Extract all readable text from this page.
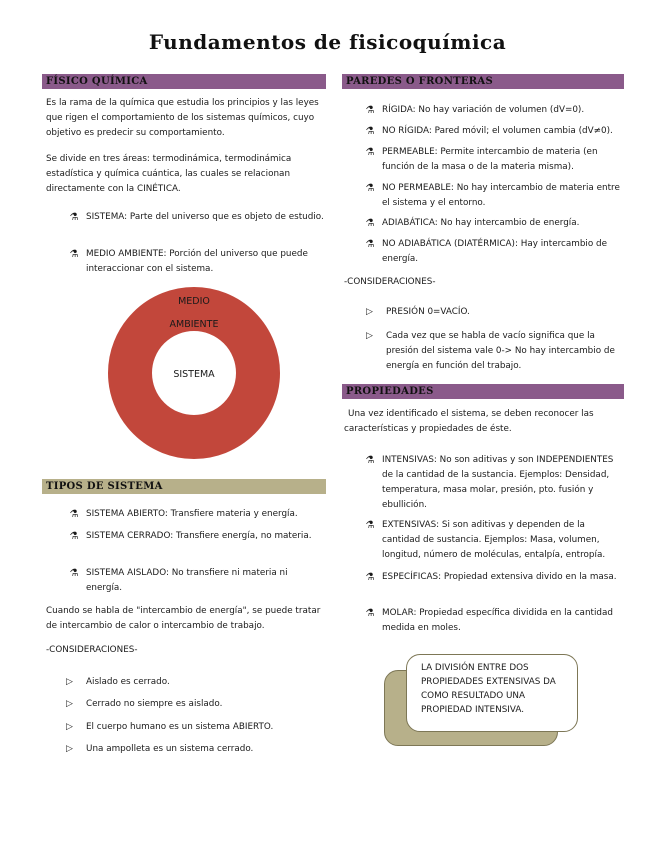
Fundamentos de fisicoquímica
FÍSICO QUÍMICA
Es la rama de la química que estudia los principios y las leyes que rigen el comportamiento de los sistemas químicos, cuyo objetivo es predecir su comportamiento.
Se divide en tres áreas: termodinámica, termodinámica estadística y química cuántica, las cuales se relacionan directamente con la CINÉTICA.
⚗ SISTEMA: Parte del universo que es objeto de estudio.
⚗ MEDIO AMBIENTE: Porción del universo que puede interaccionar con el sistema.
MEDIO
AMBIENTE
SISTEMA
TIPOS DE SISTEMA
⚗ SISTEMA ABIERTO: Transfiere materia y energía.
⚗ SISTEMA CERRADO: Transfiere energía, no materia.
⚗ SISTEMA AISLADO: No transfiere ni materia ni energía.
Cuando se habla de "intercambio de energía", se puede tratar de intercambio de calor o intercambio de trabajo.
-CONSIDERACIONES-
▷ Aislado es cerrado.
▷ Cerrado no siempre es aislado.
▷ El cuerpo humano es un sistema ABIERTO.
▷ Una ampolleta es un sistema cerrado.
PAREDES O FRONTERAS
⚗ RÍGIDA: No hay variación de volumen (dV=0).
⚗ NO RÍGIDA: Pared móvil; el volumen cambia (dV≠0).
⚗ PERMEABLE: Permite intercambio de materia (en función de la masa o de la materia misma).
⚗ NO PERMEABLE: No hay intercambio de materia entre el sistema y el entorno.
⚗ ADIABÁTICA: No hay intercambio de energía.
⚗ NO ADIABÁTICA (DIATÉRMICA): Hay intercambio de energía.
-CONSIDERACIONES-
▷ PRESIÓN 0=VACÍO.
▷ Cada vez que se habla de vacío significa que la presión del sistema vale 0-> No hay intercambio de energía en función del trabajo.
PROPIEDADES
Una vez identificado el sistema, se deben reconocer las características y propiedades de éste.
⚗ INTENSIVAS: No son aditivas y son INDEPENDIENTES de la cantidad de la sustancia. Ejemplos: Densidad, temperatura, masa molar, presión, pto. fusión y ebullición.
⚗ EXTENSIVAS: Si son aditivas y dependen de la cantidad de sustancia. Ejemplos: Masa, volumen, longitud, número de moléculas, entalpía, entropía.
⚗ ESPECÍFICAS: Propiedad extensiva divido en la masa.
⚗ MOLAR: Propiedad específica dividida en la cantidad medida en moles.
LA DIVISIÓN ENTRE DOS PROPIEDADES EXTENSIVAS DA COMO RESULTADO UNA PROPIEDAD INTENSIVA.
